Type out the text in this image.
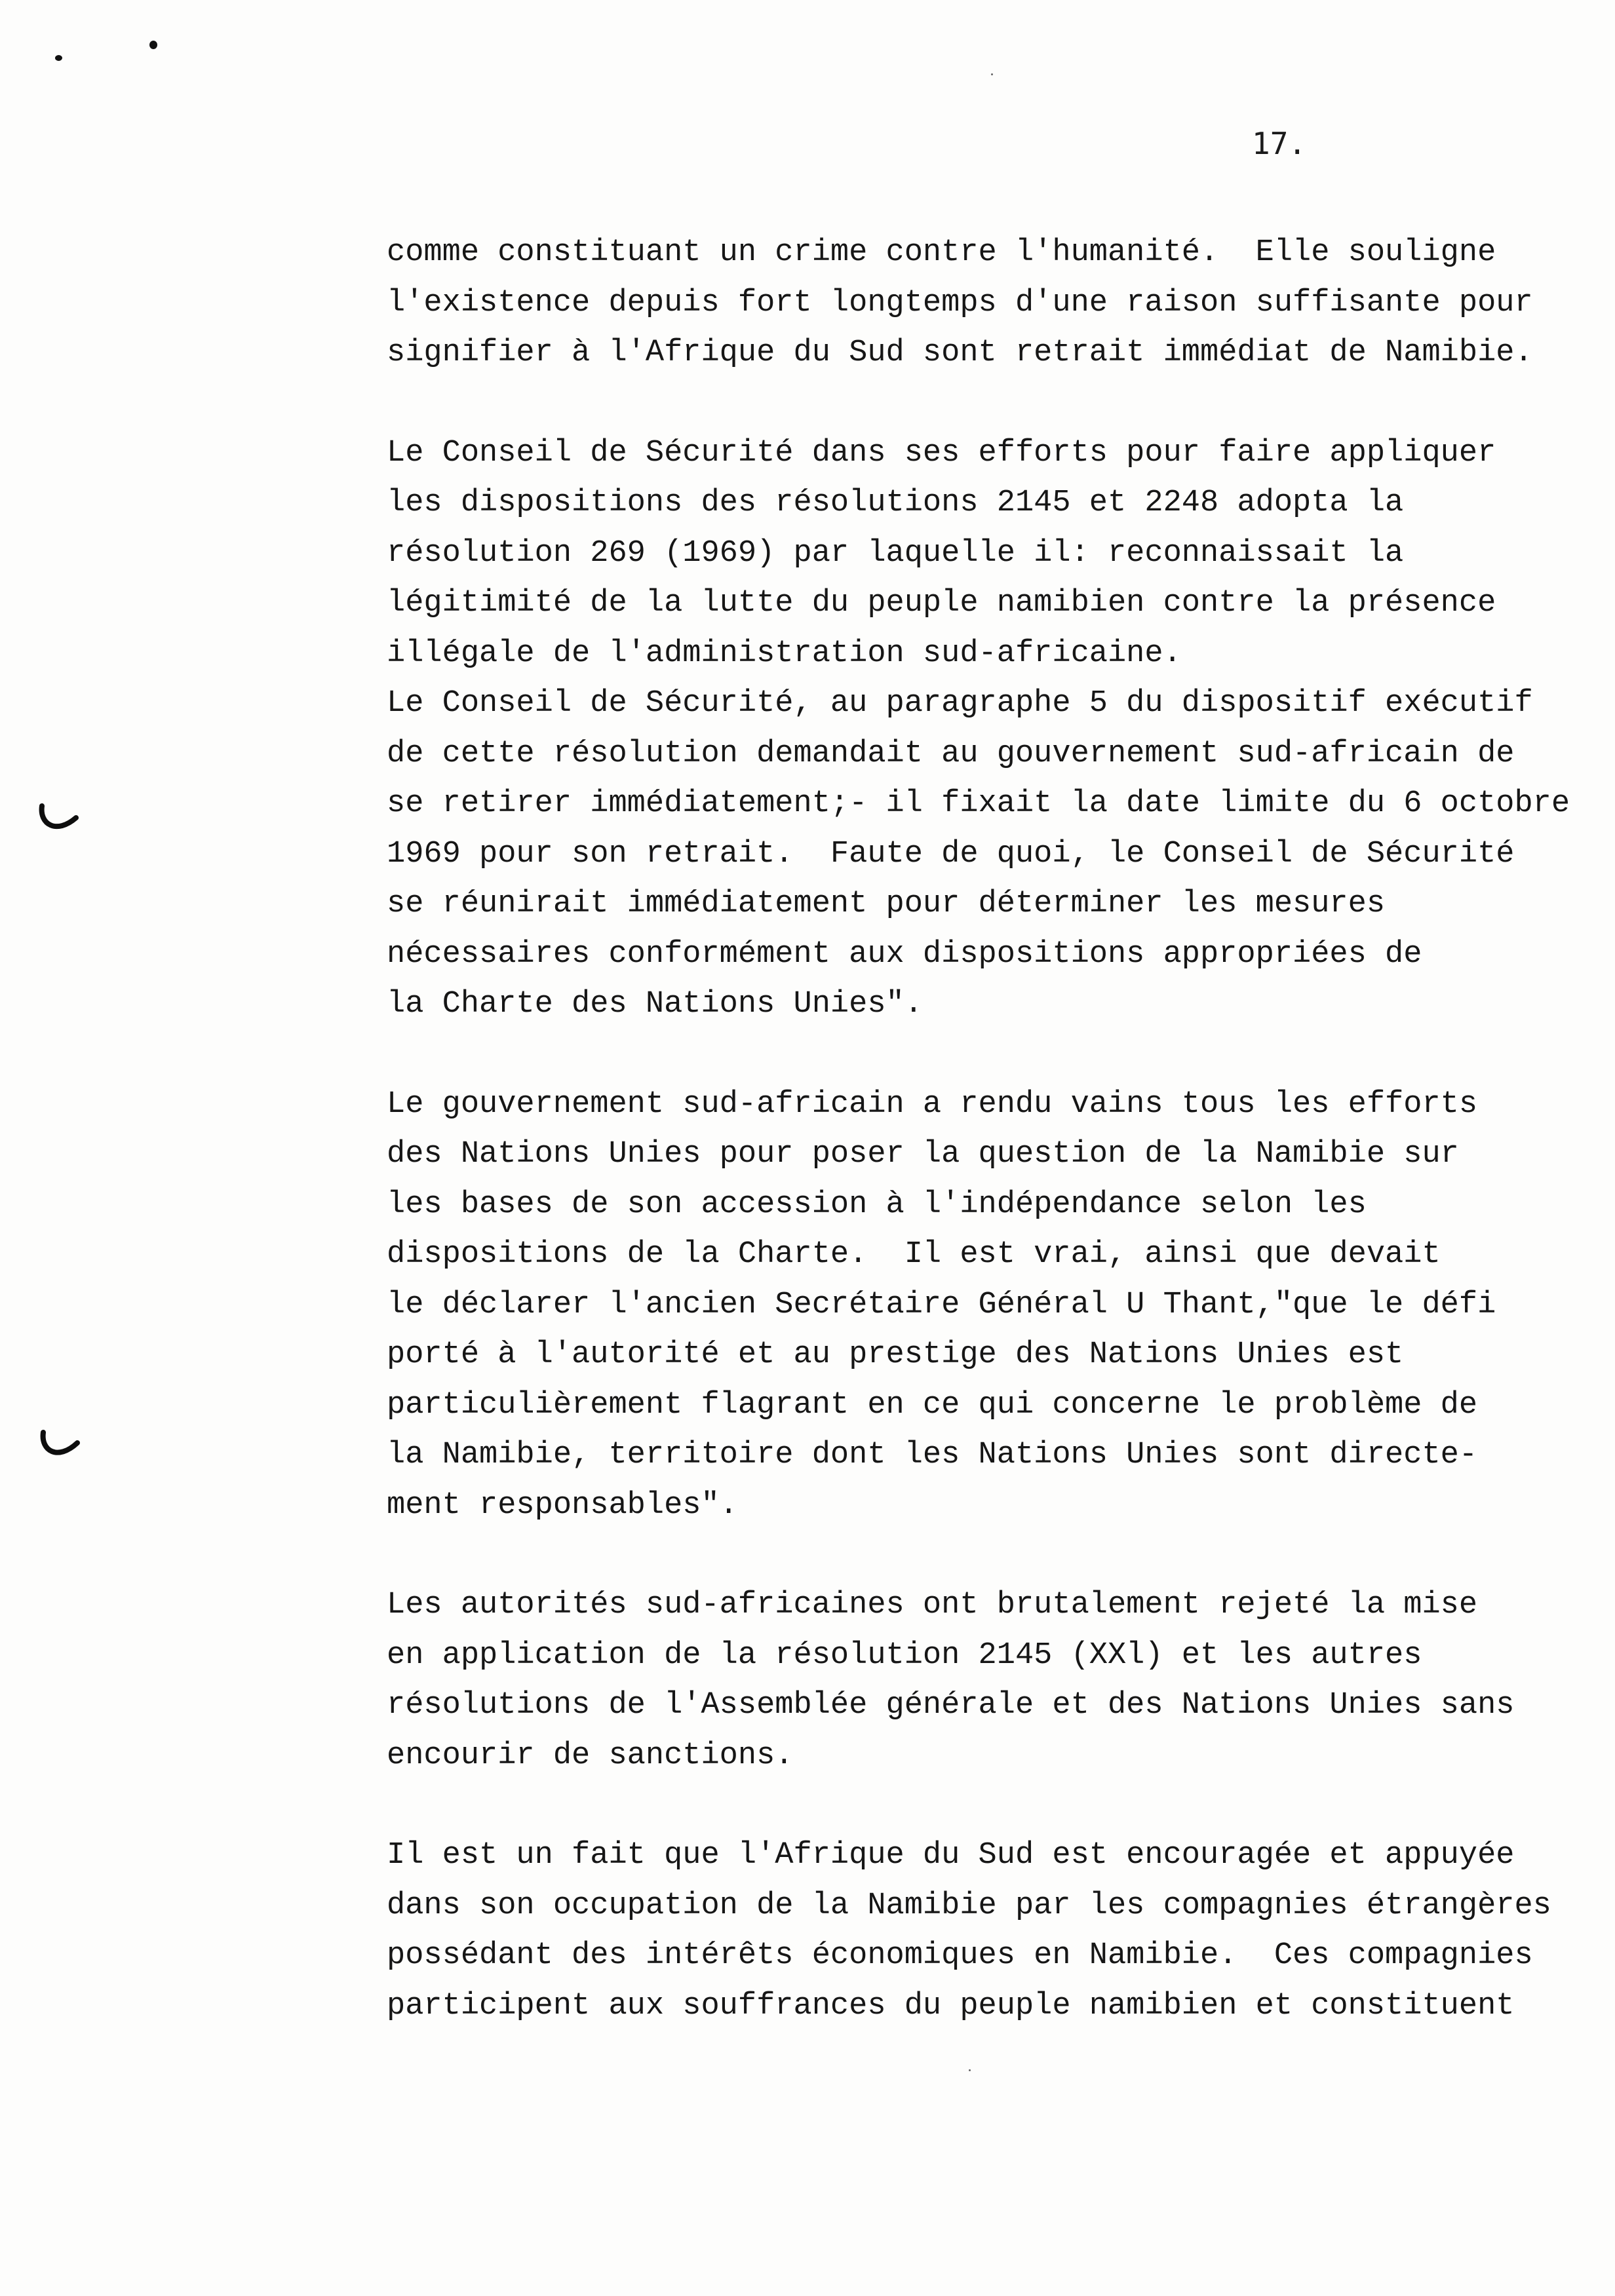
17.
comme constituant un crime contre l'humanité.  Elle souligne
l'existence depuis fort longtemps d'une raison suffisante pour
signifier à l'Afrique du Sud sont retrait immédiat de Namibie.
Le Conseil de Sécurité dans ses efforts pour faire appliquer
les dispositions des résolutions 2145 et 2248 adopta la
résolution 269 (1969) par laquelle il: reconnaissait la
légitimité de la lutte du peuple namibien contre la présence
illégale de l'administration sud-africaine.
Le Conseil de Sécurité, au paragraphe 5 du dispositif exécutif
de cette résolution demandait au gouvernement sud-africain de
se retirer immédiatement;- il fixait la date limite du 6 octobre
1969 pour son retrait.  Faute de quoi, le Conseil de Sécurité
se réunirait immédiatement pour déterminer les mesures
nécessaires conformément aux dispositions appropriées de
la Charte des Nations Unies".
Le gouvernement sud-africain a rendu vains tous les efforts
des Nations Unies pour poser la question de la Namibie sur
les bases de son accession à l'indépendance selon les
dispositions de la Charte.  Il est vrai, ainsi que devait
le déclarer l'ancien Secrétaire Général U Thant,"que le défi
porté à l'autorité et au prestige des Nations Unies est
particulièrement flagrant en ce qui concerne le problème de
la Namibie, territoire dont les Nations Unies sont directe-
ment responsables".
Les autorités sud-africaines ont brutalement rejeté la mise
en application de la résolution 2145 (XXl) et les autres
résolutions de l'Assemblée générale et des Nations Unies sans
encourir de sanctions.
Il est un fait que l'Afrique du Sud est encouragée et appuyée
dans son occupation de la Namibie par les compagnies étrangères
possédant des intérêts économiques en Namibie.  Ces compagnies
participent aux souffrances du peuple namibien et constituent
